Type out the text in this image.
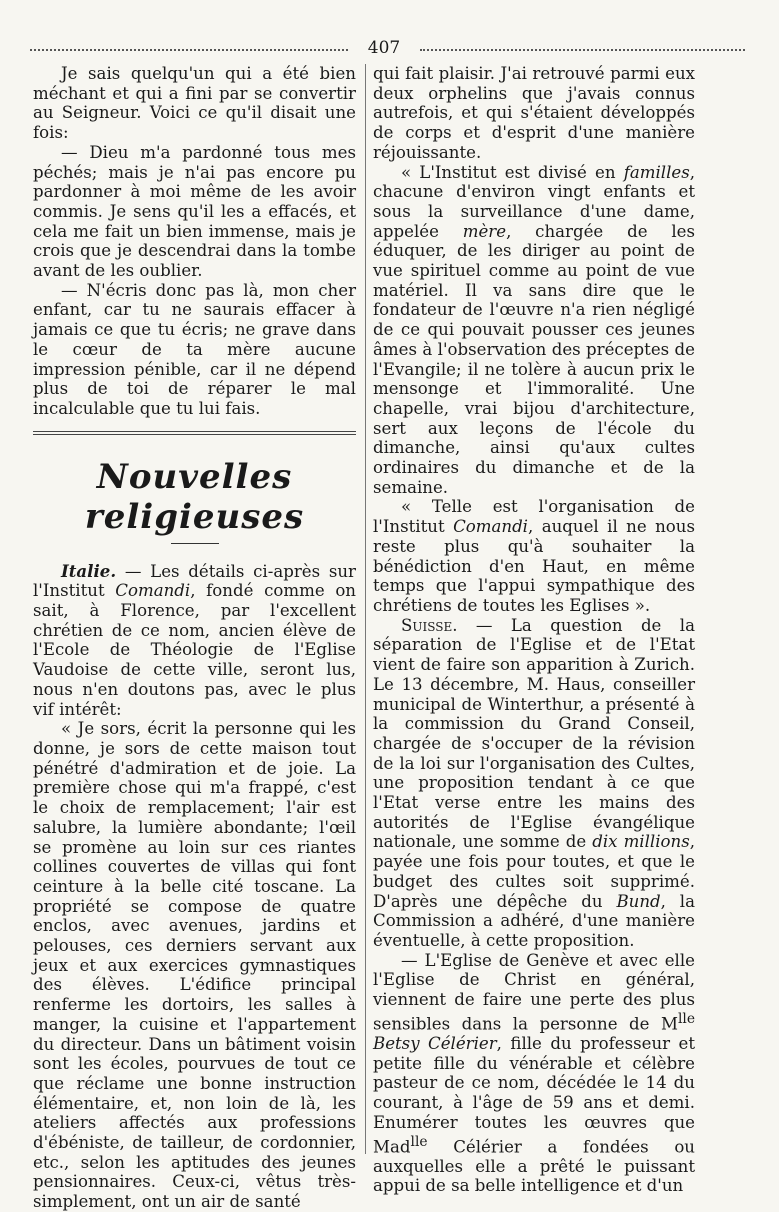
407

Je sais quelqu'un qui a été bien méchant et qui a fini par se convertir au Seigneur. Voici ce qu'il disait une fois:

— Dieu m'a pardonné tous mes péchés; mais je n'ai pas encore pu pardonner à moi même de les avoir commis. Je sens qu'il les a effacés, et cela me fait un bien immense, mais je crois que je descendrai dans la tombe avant de les oublier.

— N'écris donc pas là, mon cher enfant, car tu ne saurais effacer à jamais ce que tu écris; ne grave dans le cœur de ta mère aucune impression pénible, car il ne dépend plus de toi de réparer le mal incalculable que tu lui fais.

Nouvelles religieuses

Italie. — Les détails ci-après sur l'Institut Comandi, fondé comme on sait, à Florence, par l'excellent chrétien de ce nom, ancien élève de l'Ecole de Théologie de l'Eglise Vaudoise de cette ville, seront lus, nous n'en doutons pas, avec le plus vif intérêt:

« Je sors, écrit la personne qui les donne, je sors de cette maison tout pénétré d'admiration et de joie. La première chose qui m'a frappé, c'est le choix de remplacement; l'air est salubre, la lumière abondante; l'œil se promène au loin sur ces riantes collines couvertes de villas qui font ceinture à la belle cité toscane. La propriété se compose de quatre enclos, avec avenues, jardins et pelouses, ces derniers servant aux jeux et aux exercices gymnastiques des élèves. L'édifice principal renferme les dortoirs, les salles à manger, la cuisine et l'appartement du directeur. Dans un bâtiment voisin sont les écoles, pourvues de tout ce que réclame une bonne instruction élémentaire, et, non loin de là, les ateliers affectés aux professions d'ébéniste, de tailleur, de cordonnier, etc., selon les aptitudes des jeunes pensionnaires. Ceux-ci, vêtus très-simplement, ont un air de santé

qui fait plaisir. J'ai retrouvé parmi eux deux orphelins que j'avais connus autrefois, et qui s'étaient développés de corps et d'esprit d'une manière réjouissante.

« L'Institut est divisé en familles, chacune d'environ vingt enfants et sous la surveillance d'une dame, appelée mère, chargée de les éduquer, de les diriger au point de vue spirituel comme au point de vue matériel. Il va sans dire que le fondateur de l'œuvre n'a rien négligé de ce qui pouvait pousser ces jeunes âmes à l'observation des préceptes de l'Evangile; il ne tolère à aucun prix le mensonge et l'immoralité. Une chapelle, vrai bijou d'architecture, sert aux leçons de l'école du dimanche, ainsi qu'aux cultes ordinaires du dimanche et de la semaine.

« Telle est l'organisation de l'Institut Comandi, auquel il ne nous reste plus qu'à souhaiter la bénédiction d'en Haut, en même temps que l'appui sympathique des chrétiens de toutes les Eglises ».

Suisse. — La question de la séparation de l'Eglise et de l'Etat vient de faire son apparition à Zurich. Le 13 décembre, M. Haus, conseiller municipal de Winterthur, a présenté à la commission du Grand Conseil, chargée de s'occuper de la révision de la loi sur l'organisation des Cultes, une proposition tendant à ce que l'Etat verse entre les mains des autorités de l'Eglise évangélique nationale, une somme de dix millions, payée une fois pour toutes, et que le budget des cultes soit supprimé. D'après une dépêche du Bund, la Commission a adhéré, d'une manière éventuelle, à cette proposition.

— L'Eglise de Genève et avec elle l'Eglise de Christ en général, viennent de faire une perte des plus sensibles dans la personne de $M^{lle}$ Betsy Célérier, fille du professeur et petite fille du vénérable et célèbre pasteur de ce nom, décédée le 14 du courant, à l'âge de 59 ans et demi. Enumérer toutes les œuvres que Mad$^{lle}$ Célérier a fondées ou auxquelles elle a prêté le puissant appui de sa belle intelligence et d'un
